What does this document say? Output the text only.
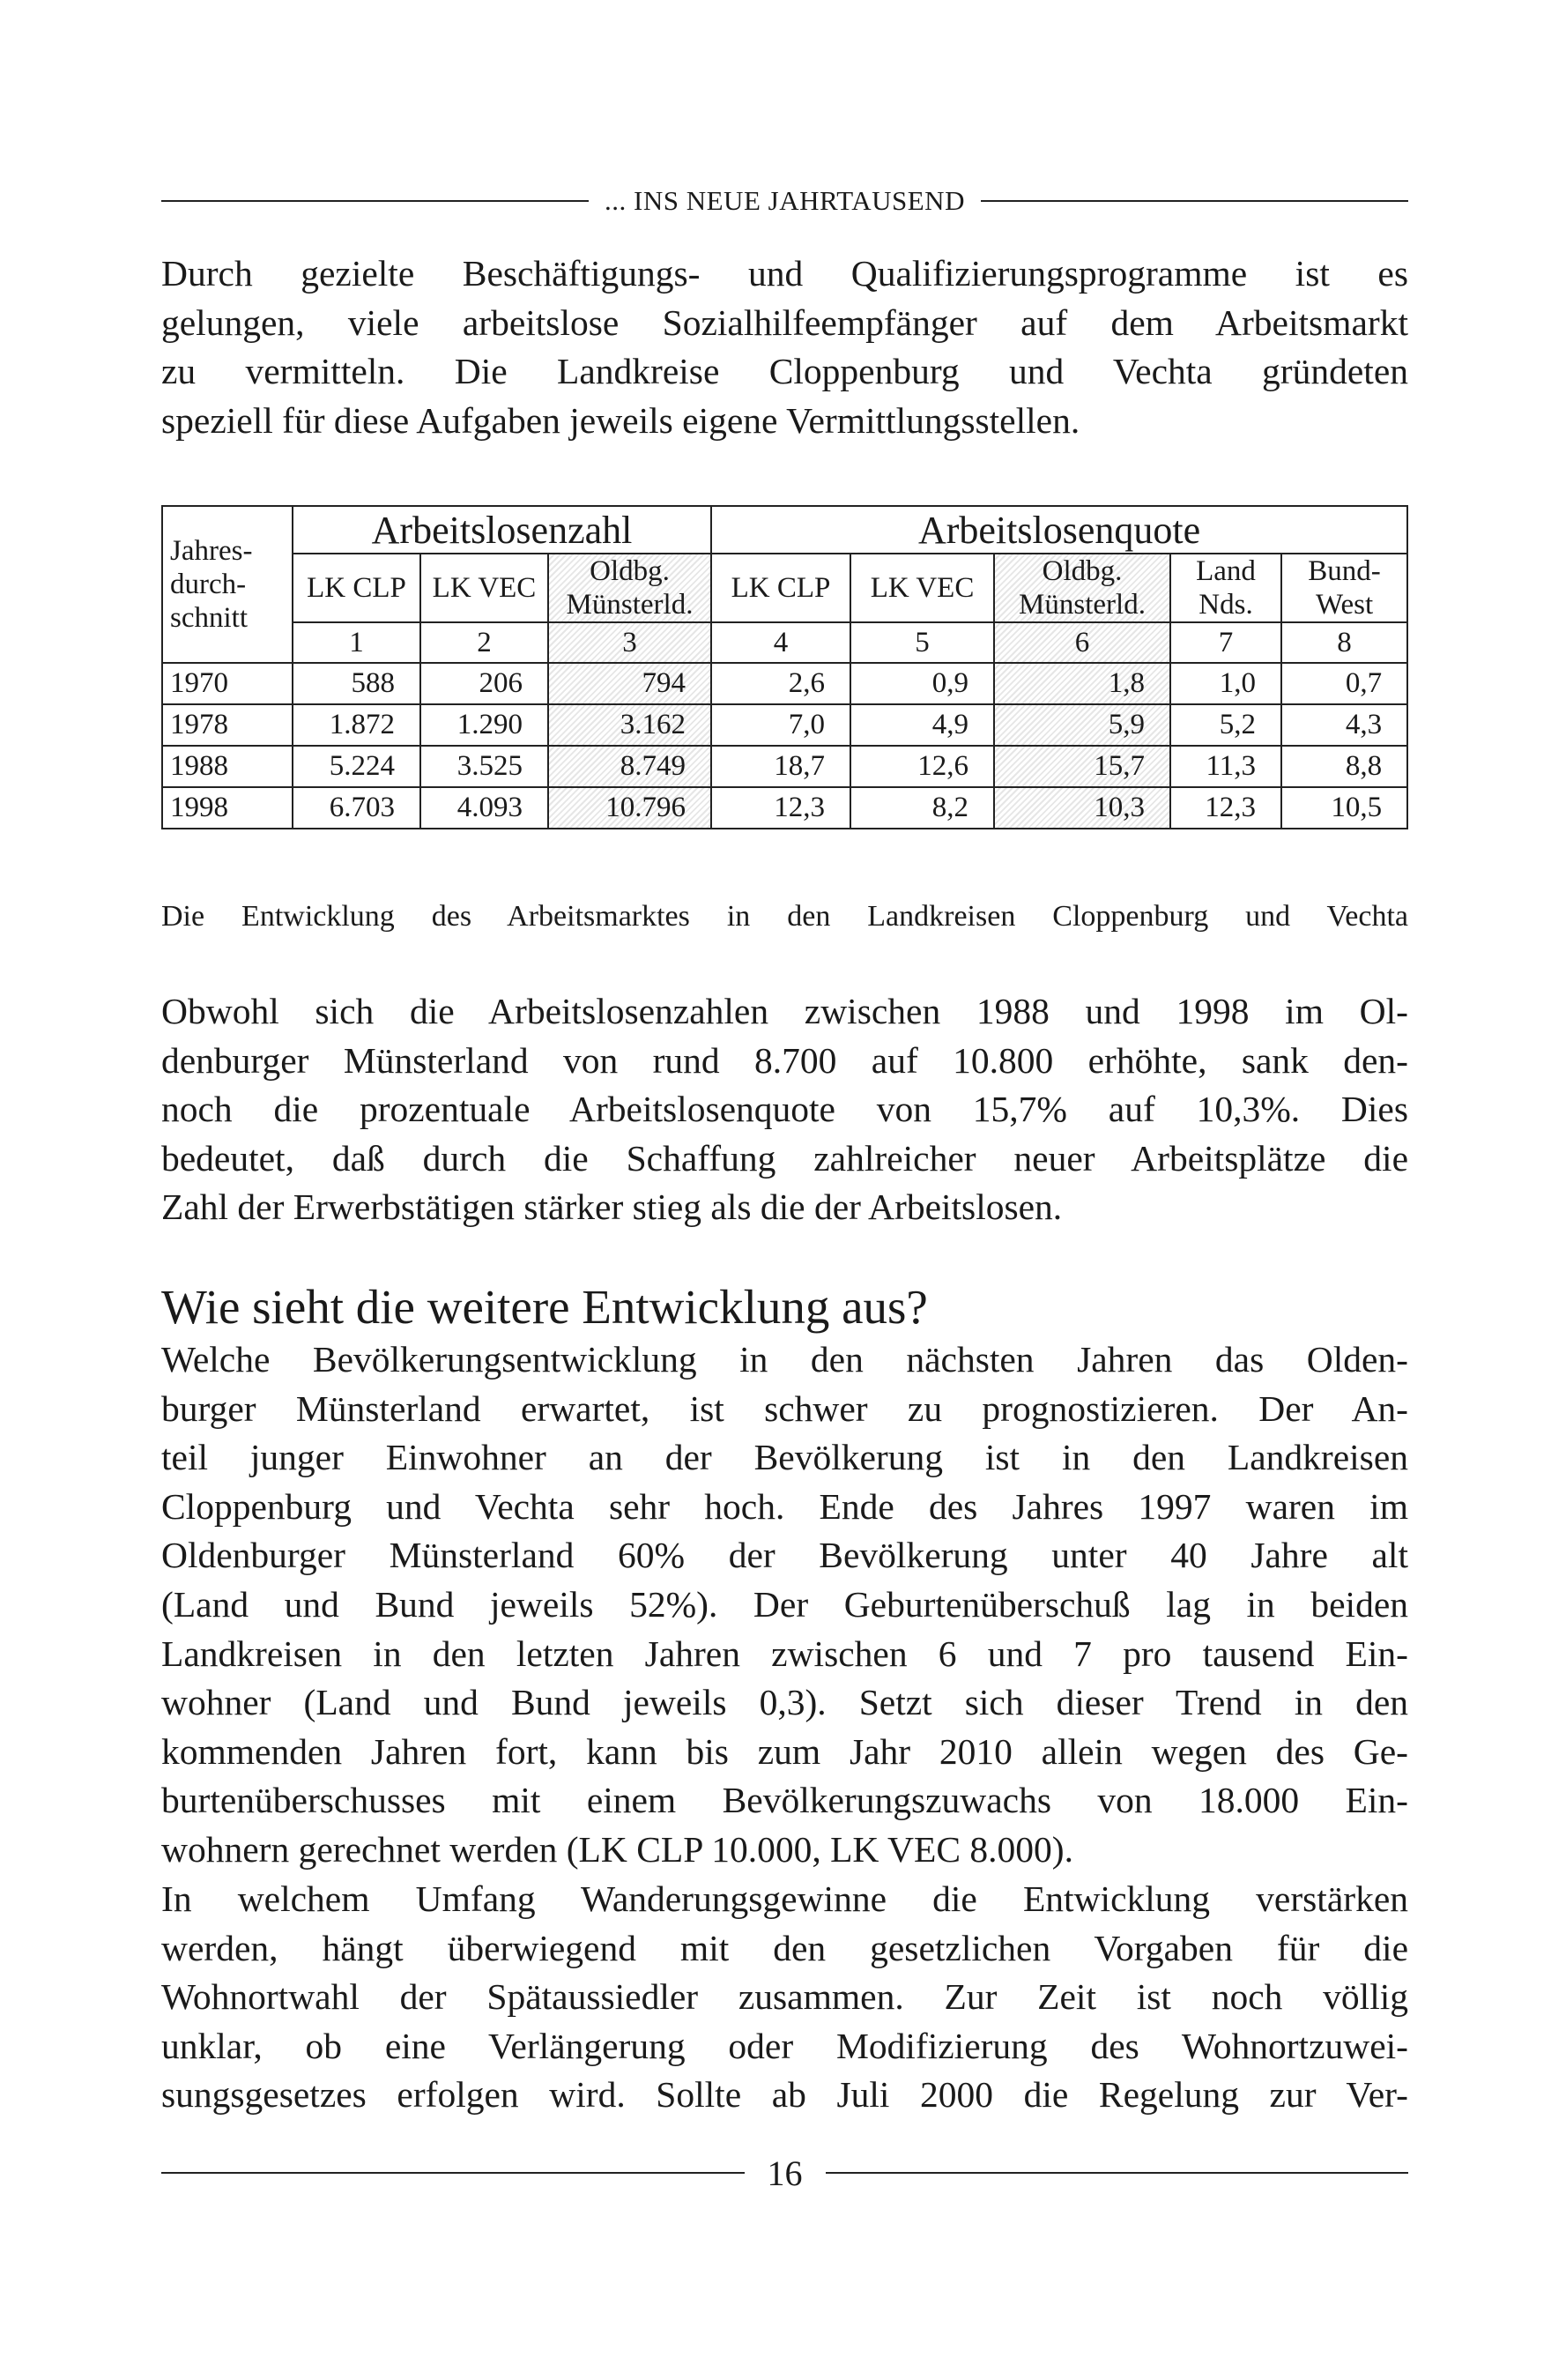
... INS NEUE JAHRTAUSEND

Durch gezielte Beschäftigungs- und Qualifizierungsprogramme ist es
gelungen, viele arbeitslose Sozialhilfeempfänger auf dem Arbeitsmarkt
zu vermitteln. Die Landkreise Cloppenburg und Vechta gründeten
speziell für diese Aufgaben jeweils eigene Vermittlungsstellen.

Jahres- durch- schnitt	Arbeitslosenzahl			Arbeitslosenquote				
	LK CLP	LK VEC	Oldbg. Münsterld.	LK CLP	LK VEC	Oldbg. Münsterld.	Land Nds.	Bund- West
	1	2	3	4	5	6	7	8
1970	588	206	794	2,6	0,9	1,8	1,0	0,7
1978	1.872	1.290	3.162	7,0	4,9	5,9	5,2	4,3
1988	5.224	3.525	8.749	18,7	12,6	15,7	11,3	8,8
1998	6.703	4.093	10.796	12,3	8,2	10,3	12,3	10,5

Die Entwicklung des Arbeitsmarktes in den Landkreisen Cloppenburg und Vechta

Obwohl sich die Arbeitslosenzahlen zwischen 1988 und 1998 im Ol-
denburger Münsterland von rund 8.700 auf 10.800 erhöhte, sank den-
noch die prozentuale Arbeitslosenquote von 15,7% auf 10,3%. Dies
bedeutet, daß durch die Schaffung zahlreicher neuer Arbeitsplätze die
Zahl der Erwerbstätigen stärker stieg als die der Arbeitslosen.

Wie sieht die weitere Entwicklung aus?

Welche Bevölkerungsentwicklung in den nächsten Jahren das Olden-
burger Münsterland erwartet, ist schwer zu prognostizieren. Der An-
teil junger Einwohner an der Bevölkerung ist in den Landkreisen
Cloppenburg und Vechta sehr hoch. Ende des Jahres 1997 waren im
Oldenburger Münsterland 60% der Bevölkerung unter 40 Jahre alt
(Land und Bund jeweils 52%). Der Geburtenüberschuß lag in beiden
Landkreisen in den letzten Jahren zwischen 6 und 7 pro tausend Ein-
wohner (Land und Bund jeweils 0,3). Setzt sich dieser Trend in den
kommenden Jahren fort, kann bis zum Jahr 2010 allein wegen des Ge-
burtenüberschusses mit einem Bevölkerungszuwachs von 18.000 Ein-
wohnern gerechnet werden (LK CLP 10.000, LK VEC 8.000).

In welchem Umfang Wanderungsgewinne die Entwicklung verstärken
werden, hängt überwiegend mit den gesetzlichen Vorgaben für die
Wohnortwahl der Spätaussiedler zusammen. Zur Zeit ist noch völlig
unklar, ob eine Verlängerung oder Modifizierung des Wohnortzuwei-
sungsgesetzes erfolgen wird. Sollte ab Juli 2000 die Regelung zur Ver-

16
